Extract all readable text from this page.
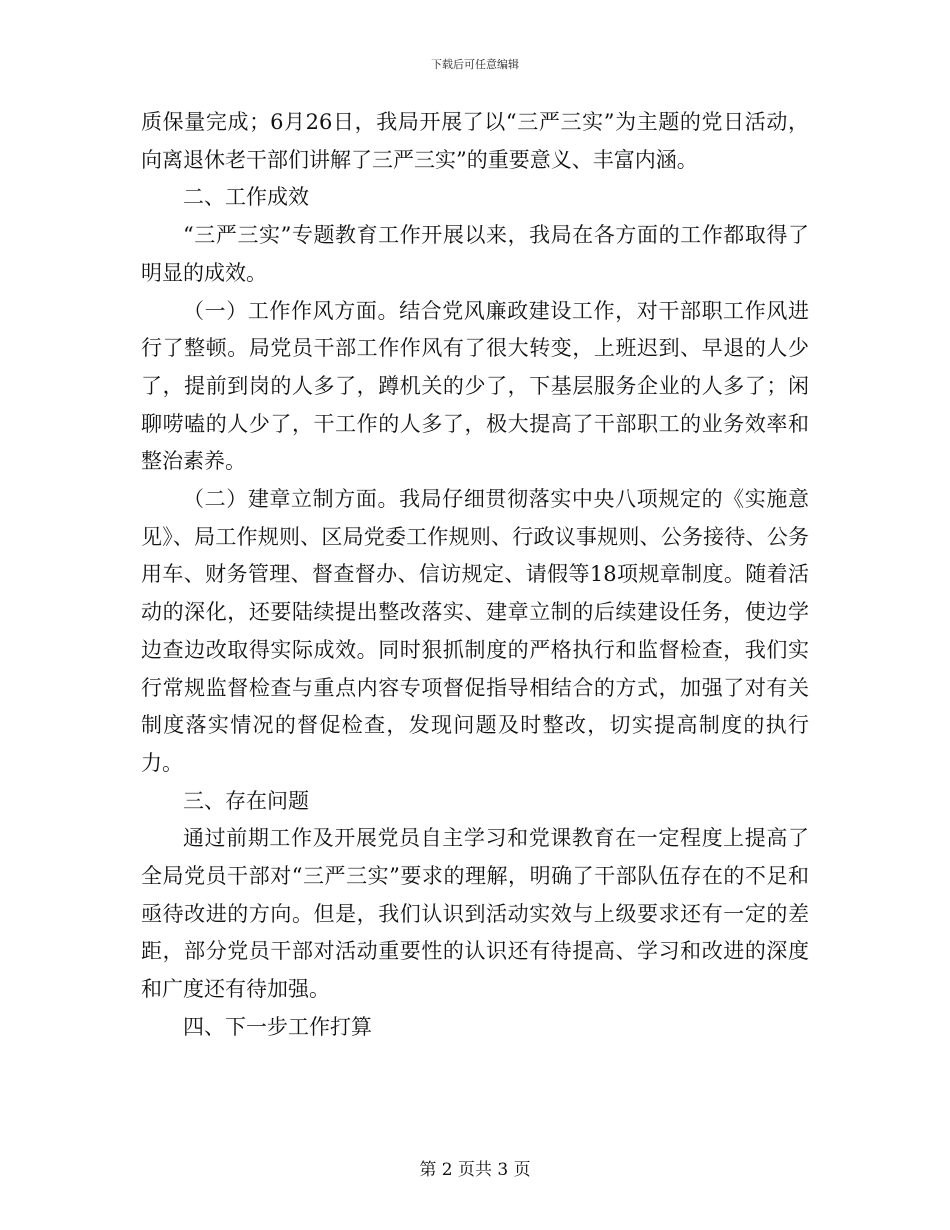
下载后可任意编辑

质保量完成；6月26日，我局开展了以“三严三实”为主题的党日活动，向离退休老干部们讲解了三严三实”的重要意义、丰富内涵。

二、工作成效

“三严三实”专题教育工作开展以来，我局在各方面的工作都取得了明显的成效。

（一）工作作风方面。结合党风廉政建设工作，对干部职工作风进行了整顿。局党员干部工作作风有了很大转变，上班迟到、早退的人少了，提前到岗的人多了，蹲机关的少了，下基层服务企业的人多了；闲聊唠嗑的人少了，干工作的人多了，极大提高了干部职工的业务效率和整治素养。

（二）建章立制方面。我局仔细贯彻落实中央八项规定的《实施意见》、局工作规则、区局党委工作规则、行政议事规则、公务接待、公务用车、财务管理、督查督办、信访规定、请假等18项规章制度。随着活动的深化，还要陆续提出整改落实、建章立制的后续建设任务，使边学边查边改取得实际成效。同时狠抓制度的严格执行和监督检查，我们实行常规监督检查与重点内容专项督促指导相结合的方式，加强了对有关制度落实情况的督促检查，发现问题及时整改，切实提高制度的执行力。

三、存在问题

通过前期工作及开展党员自主学习和党课教育在一定程度上提高了全局党员干部对“三严三实”要求的理解，明确了干部队伍存在的不足和亟待改进的方向。但是，我们认识到活动实效与上级要求还有一定的差距，部分党员干部对活动重要性的认识还有待提高、学习和改进的深度和广度还有待加强。

四、下一步工作打算

第 2 页共 3 页
